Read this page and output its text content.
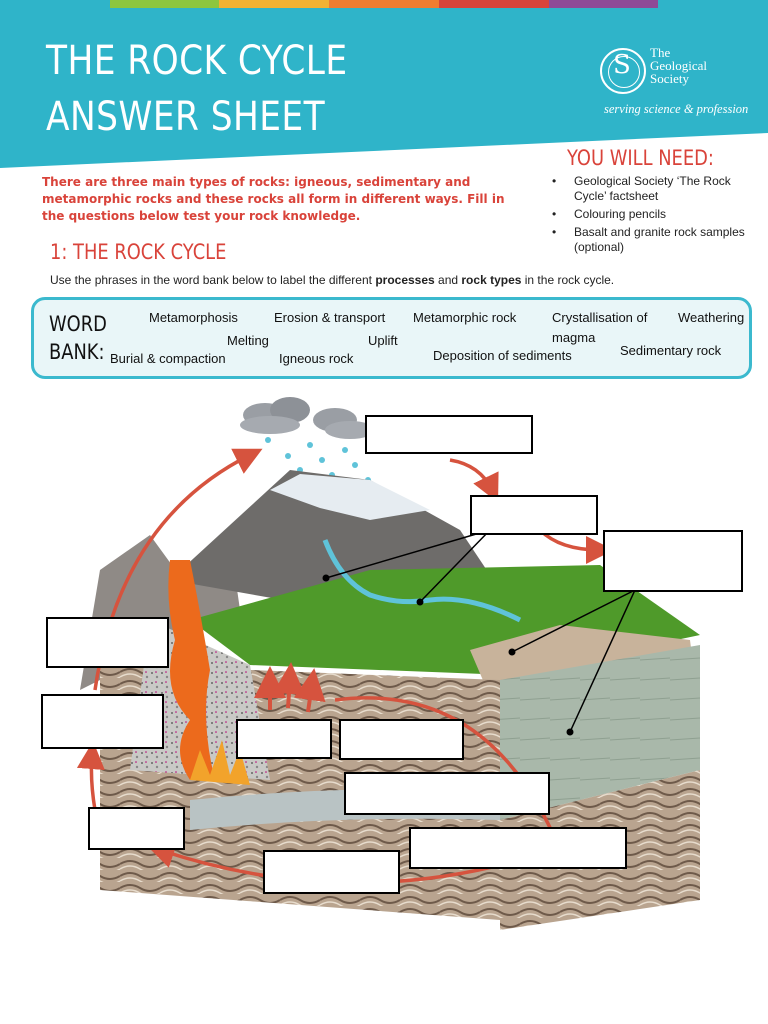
THE ROCK CYCLE
ANSWER SHEET
S The
Geological
Society
serving science & profession
There are three main types of rocks: igneous, sedimentary and metamorphic rocks and these rocks all form in different ways. Fill in the questions below test your rock knowledge.
YOU WILL NEED:
• Geological Society ‘The Rock Cycle’ factsheet
• Colouring pencils
• Basalt and granite rock samples (optional)
1: THE ROCK CYCLE
Use the phrases in the word bank below to label the different processes and rock types in the rock cycle.
WORD
BANK:
Metamorphosis	Erosion & transport Metamorphic rock	Crystallisation of
magma
Weathering
Melting	Uplift
Burial & compaction	Igneous rock	Deposition of sediments	Sedimentary rock
